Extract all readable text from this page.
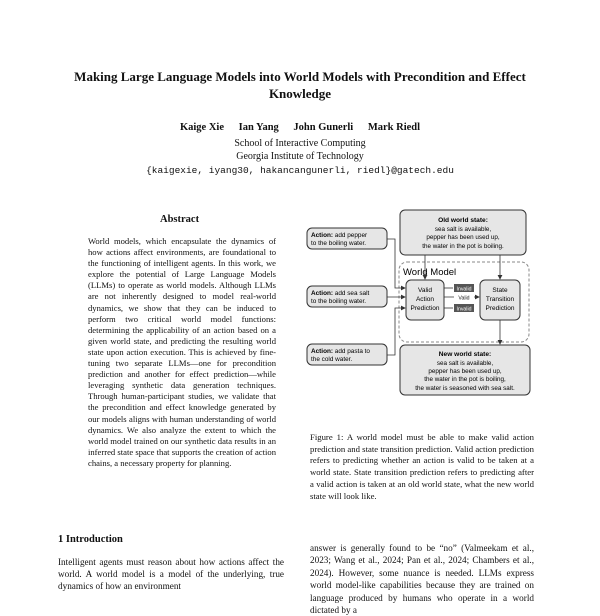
Making Large Language Models into World Models with Precondition and Effect Knowledge
Kaige Xie Ian Yang John Gunerli Mark Riedl
School of Interactive Computing
Georgia Institute of Technology
{kaigexie, iyang30, hakancangunerli, riedl}@gatech.edu
Abstract
World models, which encapsulate the dynamics of how actions affect environments, are foundational to the functioning of intelligent agents. In this work, we explore the potential of Large Language Models (LLMs) to operate as world models. Although LLMs are not inherently designed to model real-world dynamics, we show that they can be induced to perform two critical world model functions: determining the applicability of an action based on a given world state, and predicting the resulting world state upon action execution. This is achieved by fine-tuning two separate LLMs—one for precondition prediction and another for effect prediction—while leveraging synthetic data generation techniques. Through human-participant studies, we validate that the precondition and effect knowledge generated by our models aligns with human understanding of world dynamics. We also analyze the extent to which the world model trained on our synthetic data results in an inferred state space that supports the creation of action chains, a necessary property for planning.
1 Introduction
Intelligent agents must reason about how actions affect the world. A world model is a model of the underlying, true dynamics of how an environment
World Model
Old world state:
sea salt is available,
pepper has been used up,
the water in the pot is boiling.
Action: add pepper
to the boiling water.
Action: add sea salt
to the boiling water.
Action: add pasta to
the cold water.
Valid
Action
Prediction
State
Transition
Prediction
Invalid
Valid
Invalid
New world state:
sea salt is available,
pepper has been used up,
the water in the pot is boiling,
the water is seasoned with sea salt.
Figure 1: A world model must be able to make valid action prediction and state transition prediction. Valid action prediction refers to predicting whether an action is valid to be taken at a world state. State transition prediction refers to predicting after a valid action is taken at an old world state, what the new world state will look like.
answer is generally found to be “no” (Valmeekam et al., 2023; Wang et al., 2024; Pan et al., 2024; Chambers et al., 2024). However, some nuance is needed. LLMs express world model-like capabilities because they are trained on language produced by humans who operate in a world dictated by a
